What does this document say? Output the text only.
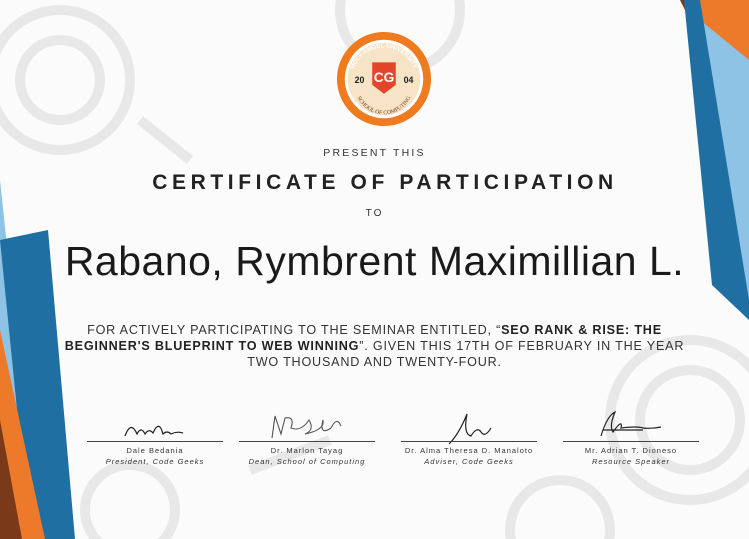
HOLY ANGEL UNIVERSITY
CG
20	04
SCHOOL OF COMPUTING
PRESENT THIS
CERTIFICATE OF PARTICIPATION
TO
Rabano, Rymbrent Maximillian L.
FOR ACTIVELY PARTICIPATING TO THE SEMINAR ENTITLED, “SEO RANK & RISE: THE BEGINNER'S BLUEPRINT TO WEB WINNING”. GIVEN THIS 17TH OF FEBRUARY IN THE YEAR TWO THOUSAND AND TWENTY-FOUR.
Dale Bedania
President, Code Geeks
Dr. Marlon Tayag
Dean, School of Computing
Dr. Alma Theresa D. Manaloto
Adviser, Code Geeks
Mr. Adrian T. Dioneso
Resource Speaker
